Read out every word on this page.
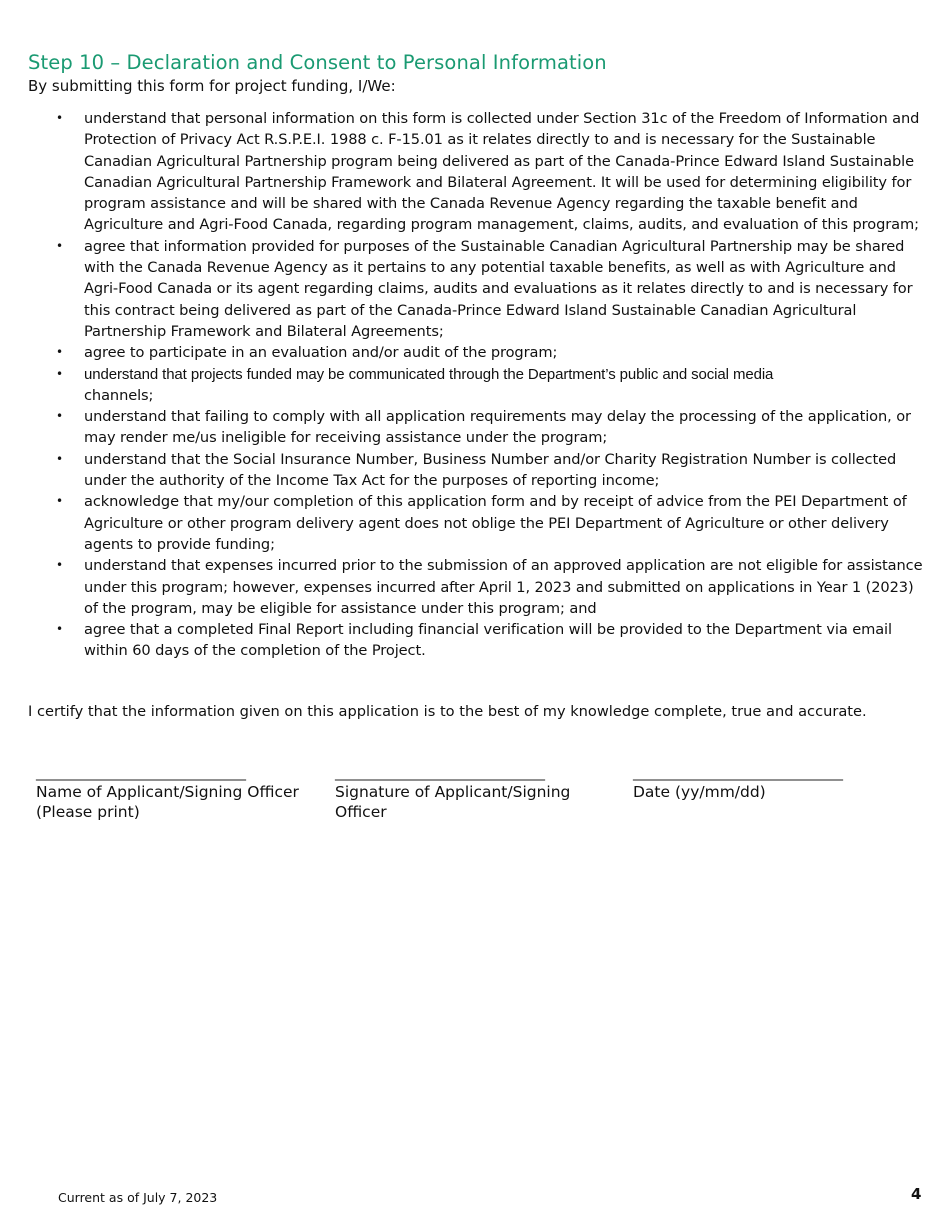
Step 10 – Declaration and Consent to Personal Information
By submitting this form for project funding, I/We:
• understand that personal information on this form is collected under Section 31c of the Freedom of Information and Protection of Privacy Act R.S.P.E.I. 1988 c. F-15.01 as it relates directly to and is necessary for the Sustainable Canadian Agricultural Partnership program being delivered as part of the Canada-Prince Edward Island Sustainable Canadian Agricultural Partnership Framework and Bilateral Agreement. It will be used for determining eligibility for program assistance and will be shared with the Canada Revenue Agency regarding the taxable benefit and Agriculture and Agri-Food Canada, regarding program management, claims, audits, and evaluation of this program;
• agree that information provided for purposes of the Sustainable Canadian Agricultural Partnership may be shared with the Canada Revenue Agency as it pertains to any potential taxable benefits, as well as with Agriculture and Agri-Food Canada or its agent regarding claims, audits and evaluations as it relates directly to and is necessary for this contract being delivered as part of the Canada-Prince Edward Island Sustainable Canadian Agricultural Partnership Framework and Bilateral Agreements;
• agree to participate in an evaluation and/or audit of the program;
• understand that projects funded may be communicated through the Department’s public and social media
channels;
• understand that failing to comply with all application requirements may delay the processing of the application, or may render me/us ineligible for receiving assistance under the program;
• understand that the Social Insurance Number, Business Number and/or Charity Registration Number is collected under the authority of the Income Tax Act for the purposes of reporting income;
• acknowledge that my/our completion of this application form and by receipt of advice from the PEI Department of Agriculture or other program delivery agent does not oblige the PEI Department of Agriculture or other delivery agents to provide funding;
• understand that expenses incurred prior to the submission of an approved application are not eligible for assistance under this program; however, expenses incurred after April 1, 2023 and submitted on applications in Year 1 (2023) of the program, may be eligible for assistance under this program; and
• agree that a completed Final Report including financial verification will be provided to the Department via email within 60 days of the completion of the Project.
I certify that the information given on this application is to the best of my knowledge complete, true and accurate.
______________________________
Name of Applicant/Signing Officer (Please print)
______________________________
Signature of Applicant/Signing Officer
______________________________
Date (yy/mm/dd)
Current as of July 7, 2023	4
